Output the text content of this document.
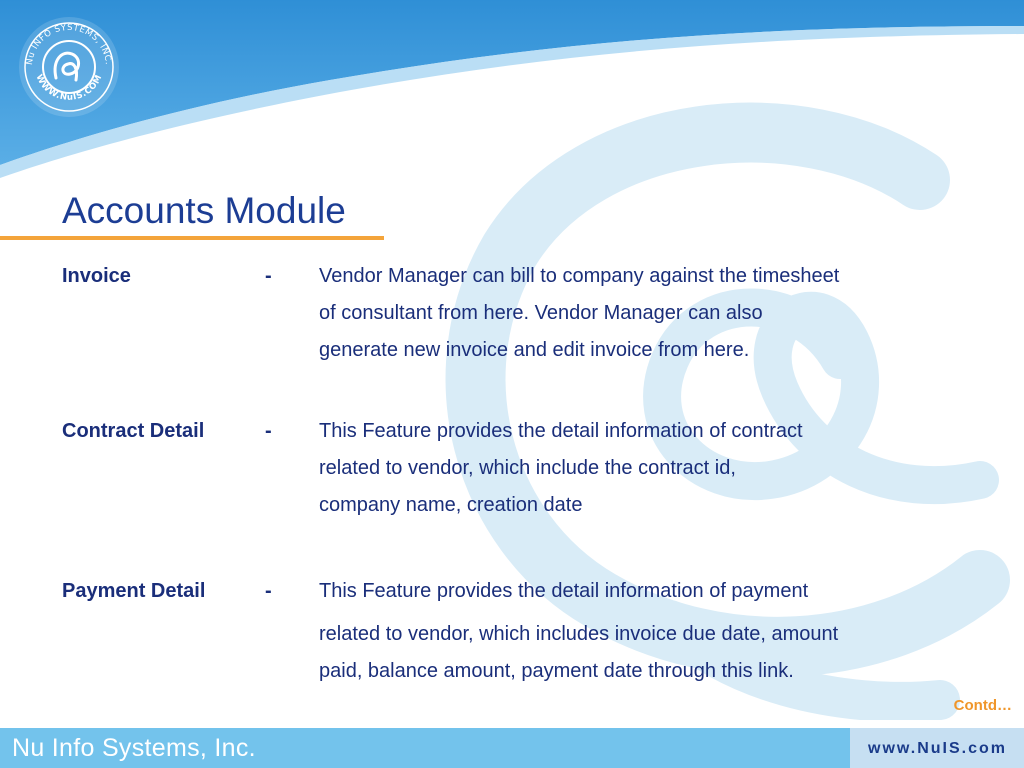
Nu INFO SYSTEMS, INC.
WWW.NuIS.COM
Accounts Module
Invoice	- Vendor Manager can bill to company against the timesheet
of consultant from here. Vendor Manager can also
generate new invoice and edit invoice from here.
Contract Detail	- This Feature provides the detail information of contract
related to vendor, which include the contract id,
company name, creation date
Payment Detail	- This Feature provides the detail information of payment
related to vendor, which includes invoice due date, amount
paid, balance amount, payment date through this link.
Contd…
Nu Info Systems, Inc.	www.NuIS.com
